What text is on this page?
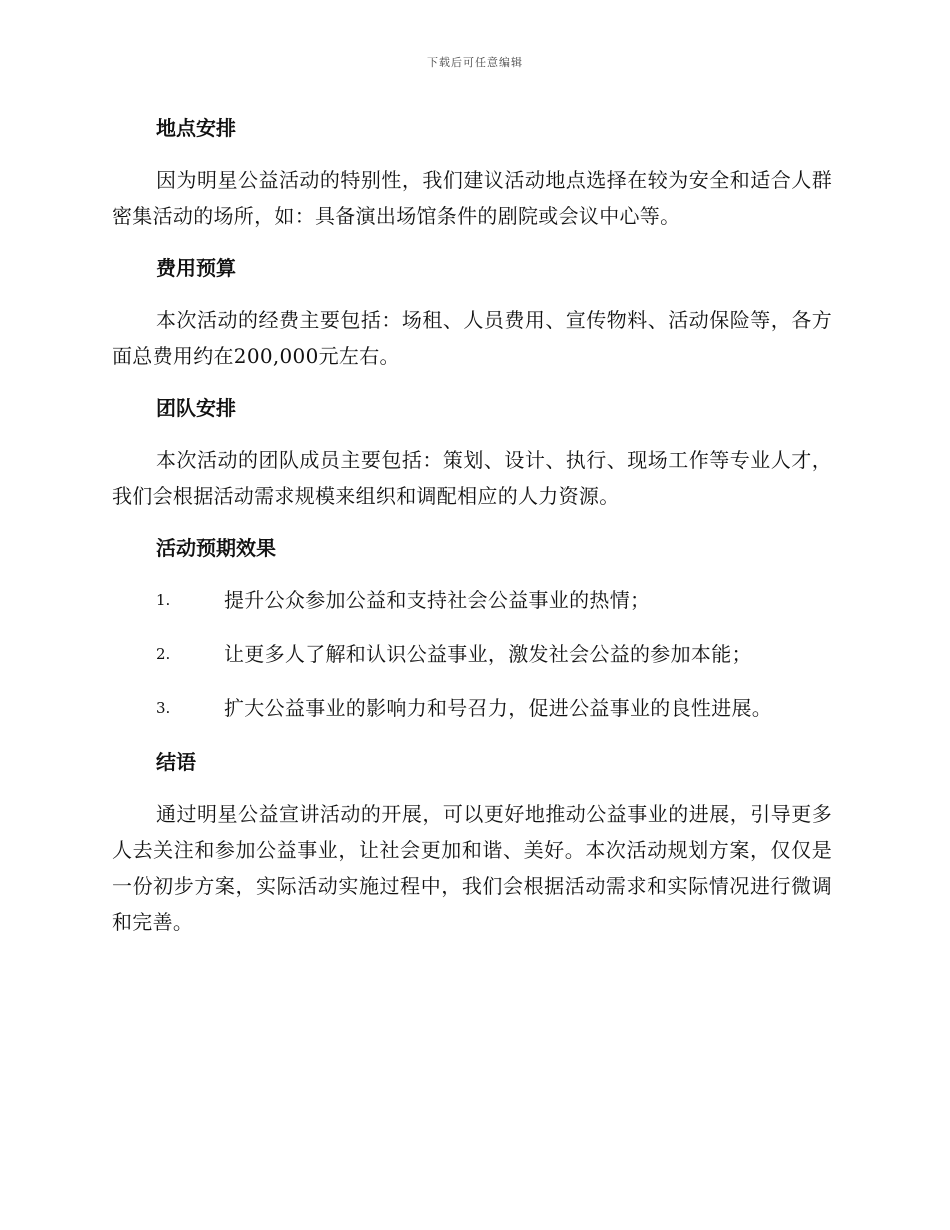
下载后可任意编辑
地点安排
因为明星公益活动的特别性，我们建议活动地点选择在较为安全和适合人群密集活动的场所，如：具备演出场馆条件的剧院或会议中心等。
费用预算
本次活动的经费主要包括：场租、人员费用、宣传物料、活动保险等，各方面总费用约在200,000元左右。
团队安排
本次活动的团队成员主要包括：策划、设计、执行、现场工作等专业人才，我们会根据活动需求规模来组织和调配相应的人力资源。
活动预期效果
1.	提升公众参加公益和支持社会公益事业的热情；
2.	让更多人了解和认识公益事业，激发社会公益的参加本能；
3.	扩大公益事业的影响力和号召力，促进公益事业的良性进展。
结语
通过明星公益宣讲活动的开展，可以更好地推动公益事业的进展，引导更多人去关注和参加公益事业，让社会更加和谐、美好。本次活动规划方案，仅仅是一份初步方案，实际活动实施过程中，我们会根据活动需求和实际情况进行微调和完善。
